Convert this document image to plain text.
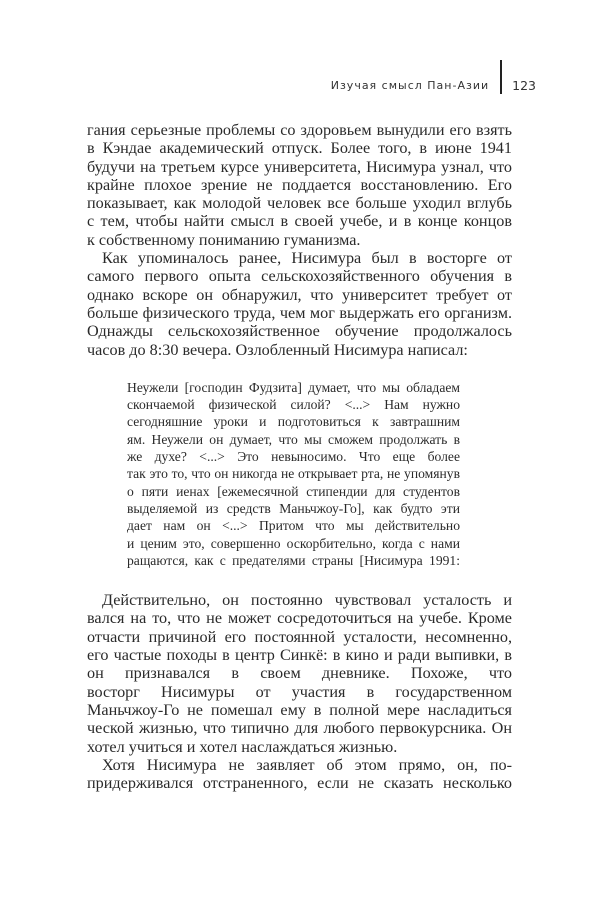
Изучая смысл Пан-Азии 123
гания серьезные проблемы со здоровьем вынудили его взять
в Кэндае академический отпуск. Более того, в июне 1941
будучи на третьем курсе университета, Нисимура узнал, что
крайне плохое зрение не поддается восстановлению. Его
показывает, как молодой человек все больше уходил вглубь
с тем, чтобы найти смысл в своей учебе, и в конце концов
к собственному пониманию гуманизма.
Как упоминалось ранее, Нисимура был в восторге от
самого первого опыта сельскохозяйственного обучения в
однако вскоре он обнаружил, что университет требует от
больше физического труда, чем мог выдержать его организм.
Однажды сельскохозяйственное обучение продолжалось
часов до 8:30 вечера. Озлобленный Нисимура написал:
Неужели [господин Фудзита] думает, что мы обладаем
скончаемой физической силой? <...> Нам нужно
сегодняшние уроки и подготовиться к завтрашним
ям. Неужели он думает, что мы сможем продолжать в
же духе? <...> Это невыносимо. Что еще более
так это то, что он никогда не открывает рта, не упомянув
о пяти иенах [ежемесячной стипендии для студентов
выделяемой из средств Маньчжоу-Го], как будто эти
дает нам он <...> Притом что мы действительно
и ценим это, совершенно оскорбительно, когда с нами
ращаются, как с предателями страны [Нисимура 1991:
Действительно, он постоянно чувствовал усталость и
вался на то, что не может сосредоточиться на учебе. Кроме
отчасти причиной его постоянной усталости, несомненно,
его частые походы в центр Синкё: в кино и ради выпивки, в
он признавался в своем дневнике. Похоже, что
восторг Нисимуры от участия в государственном
Маньчжоу-Го не помешал ему в полной мере насладиться
ческой жизнью, что типично для любого первокурсника. Он
хотел учиться и хотел наслаждаться жизнью.
Хотя Нисимура не заявляет об этом прямо, он, по-
придерживался отстраненного, если не сказать несколько
